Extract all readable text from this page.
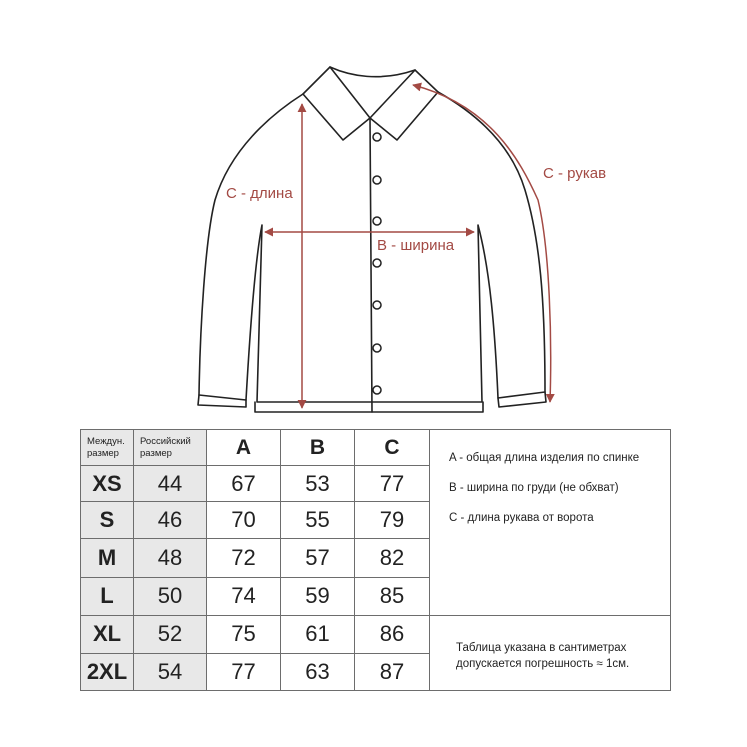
C - длина
B - ширина
C - рукав
Междун. размер	Российский размер	A	B	C	A - общая длина изделия по спинке
B - ширина по груди (не обхват)
C - длина рукава от ворота

XS	44	67	53	77	
S	46	70	55	79	
M	48	72	57	82	
L	50	74	59	85	
XL	52	75	61	86	
2XL	54	77	63	87	
Таблица указана в сантиметрах
допускается погрешность ≈ 1см.
